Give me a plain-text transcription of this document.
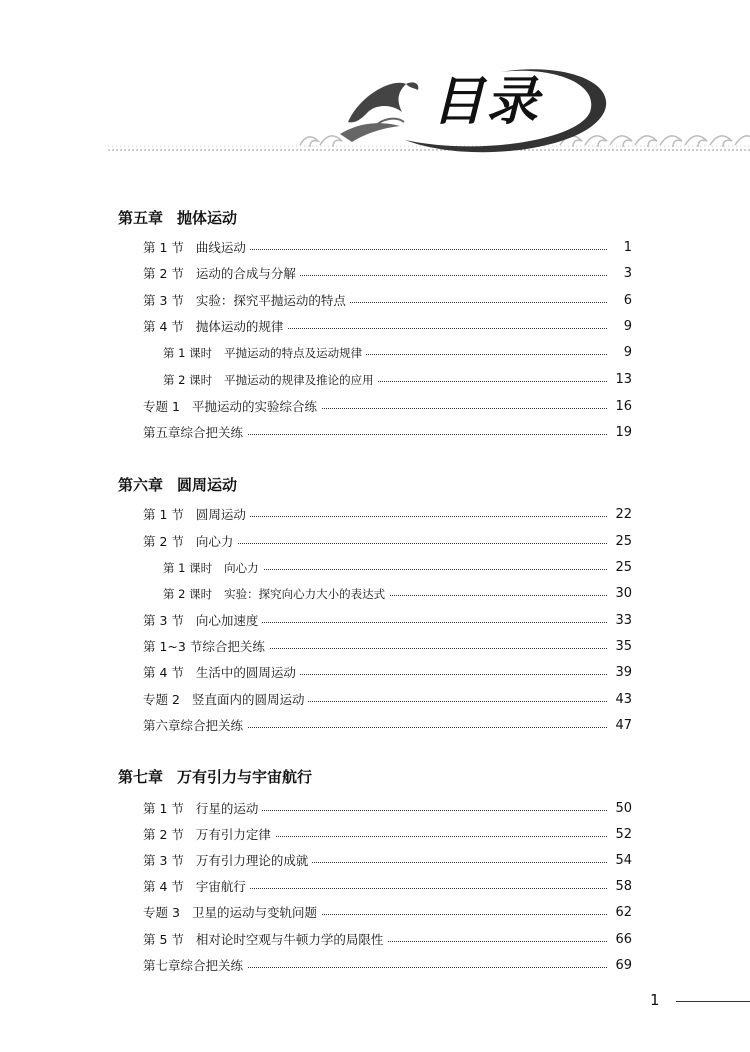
目录
第五章 抛体运动
第 1 节 曲线运动	1
第 2 节 运动的合成与分解	3
第 3 节 实验：探究平抛运动的特点	6
第 4 节 抛体运动的规律	9
第 1 课时 平抛运动的特点及运动规律	9
第 2 课时 平抛运动的规律及推论的应用	13
专题 1 平抛运动的实验综合练	16
第五章综合把关练	19
第六章 圆周运动
第 1 节 圆周运动	22
第 2 节 向心力	25
第 1 课时 向心力	25
第 2 课时 实验：探究向心力大小的表达式	30
第 3 节 向心加速度	33
第 1~3 节综合把关练	35
第 4 节 生活中的圆周运动	39
专题 2 竖直面内的圆周运动	43
第六章综合把关练	47
第七章 万有引力与宇宙航行
第 1 节 行星的运动	50
第 2 节 万有引力定律	52
第 3 节 万有引力理论的成就	54
第 4 节 宇宙航行	58
专题 3 卫星的运动与变轨问题	62
第 5 节 相对论时空观与牛顿力学的局限性	66
第七章综合把关练	69
1
